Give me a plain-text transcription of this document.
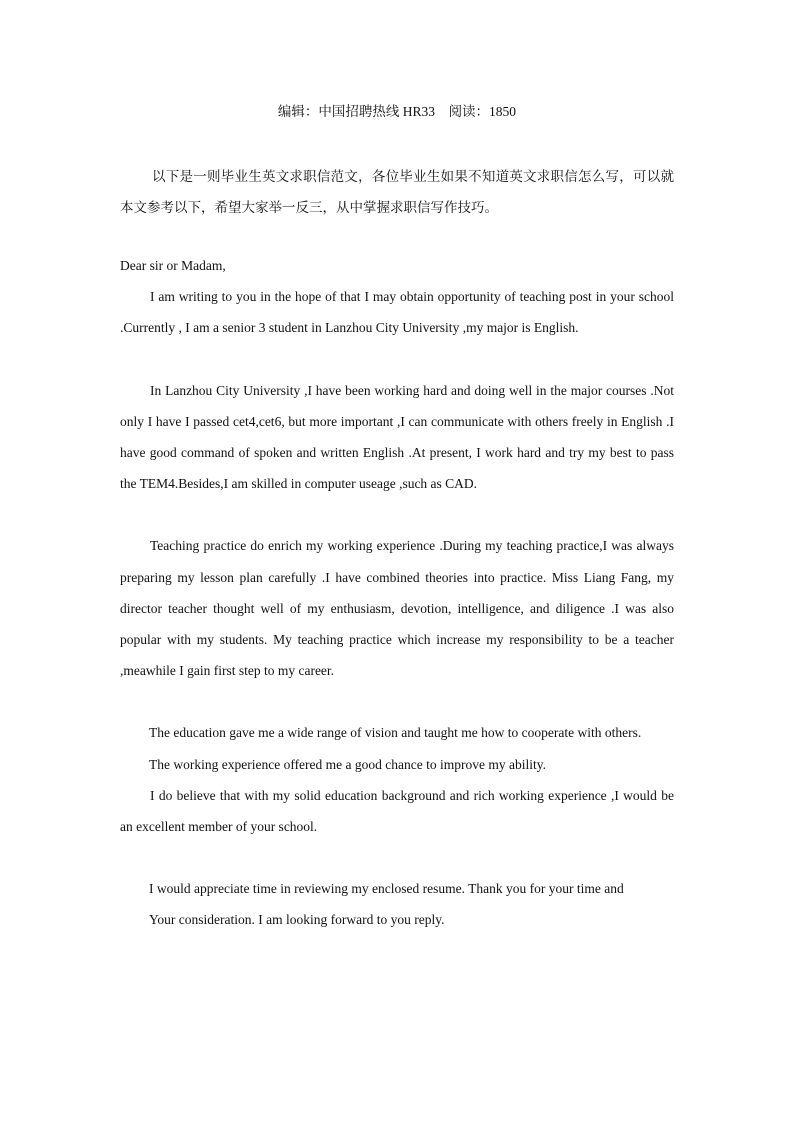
编辑：中国招聘热线 HR33 阅读：1850

以下是一则毕业生英文求职信范文，各位毕业生如果不知道英文求职信怎么写，可以就本文参考以下，希望大家举一反三，从中掌握求职信写作技巧。

Dear sir or Madam,

I am writing to you in the hope of that I may obtain opportunity of teaching post in your school .Currently , I am a senior 3 student in Lanzhou City University ,my major is English.

In Lanzhou City University ,I have been working hard and doing well in the major courses .Not only I have I passed cet4,cet6, but more important ,I can communicate with others freely in English .I have good command of spoken and written English .At present, I work hard and try my best to pass the TEM4.Besides,I am skilled in computer useage ,such as CAD.

Teaching practice do enrich my working experience .During my teaching practice,I was always preparing my lesson plan carefully .I have combined theories into practice. Miss Liang Fang, my director teacher thought well of my enthusiasm, devotion, intelligence, and diligence .I was also popular with my students. My teaching practice which increase my responsibility to be a teacher ,meawhile I gain first step to my career.

The education gave me a wide range of vision and taught me how to cooperate with others.

The working experience offered me a good chance to improve my ability.

I do believe that with my solid education background and rich working experience ,I would be an excellent member of your school.

I would appreciate time in reviewing my enclosed resume. Thank you for your time and

Your consideration. I am looking forward to you reply.
